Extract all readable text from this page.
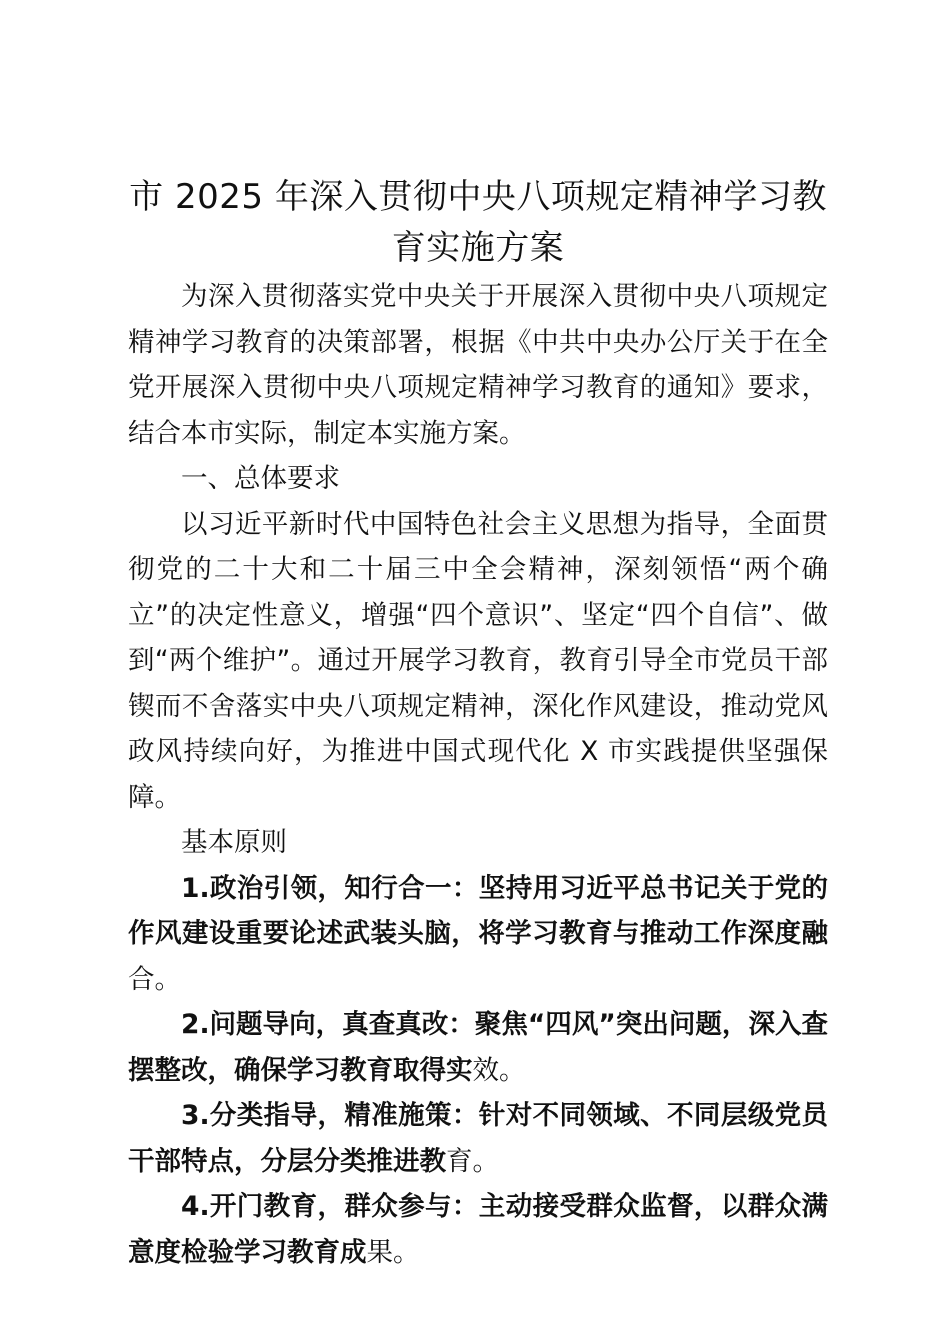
市 2025 年深入贯彻中央八项规定精神学习教育实施方案

为深入贯彻落实党中央关于开展深入贯彻中央八项规定精神学习教育的决策部署，根据《中共中央办公厅关于在全党开展深入贯彻中央八项规定精神学习教育的通知》要求，结合本市实际，制定本实施方案。

一、总体要求

以习近平新时代中国特色社会主义思想为指导，全面贯彻党的二十大和二十届三中全会精神，深刻领悟“两个确立”的决定性意义，增强“四个意识”、坚定“四个自信”、做到“两个维护”。通过开展学习教育，教育引导全市党员干部锲而不舍落实中央八项规定精神，深化作风建设，推动党风政风持续向好，为推进中国式现代化 X 市实践提供坚强保障。

基本原则

1.政治引领，知行合一：坚持用习近平总书记关于党的作风建设重要论述武装头脑，将学习教育与推动工作深度融合。

2.问题导向，真查真改：聚焦“四风”突出问题，深入查摆整改，确保学习教育取得实效。

3.分类指导，精准施策：针对不同领域、不同层级党员干部特点，分层分类推进教育。

4.开门教育，群众参与：主动接受群众监督，以群众满意度检验学习教育成果。
